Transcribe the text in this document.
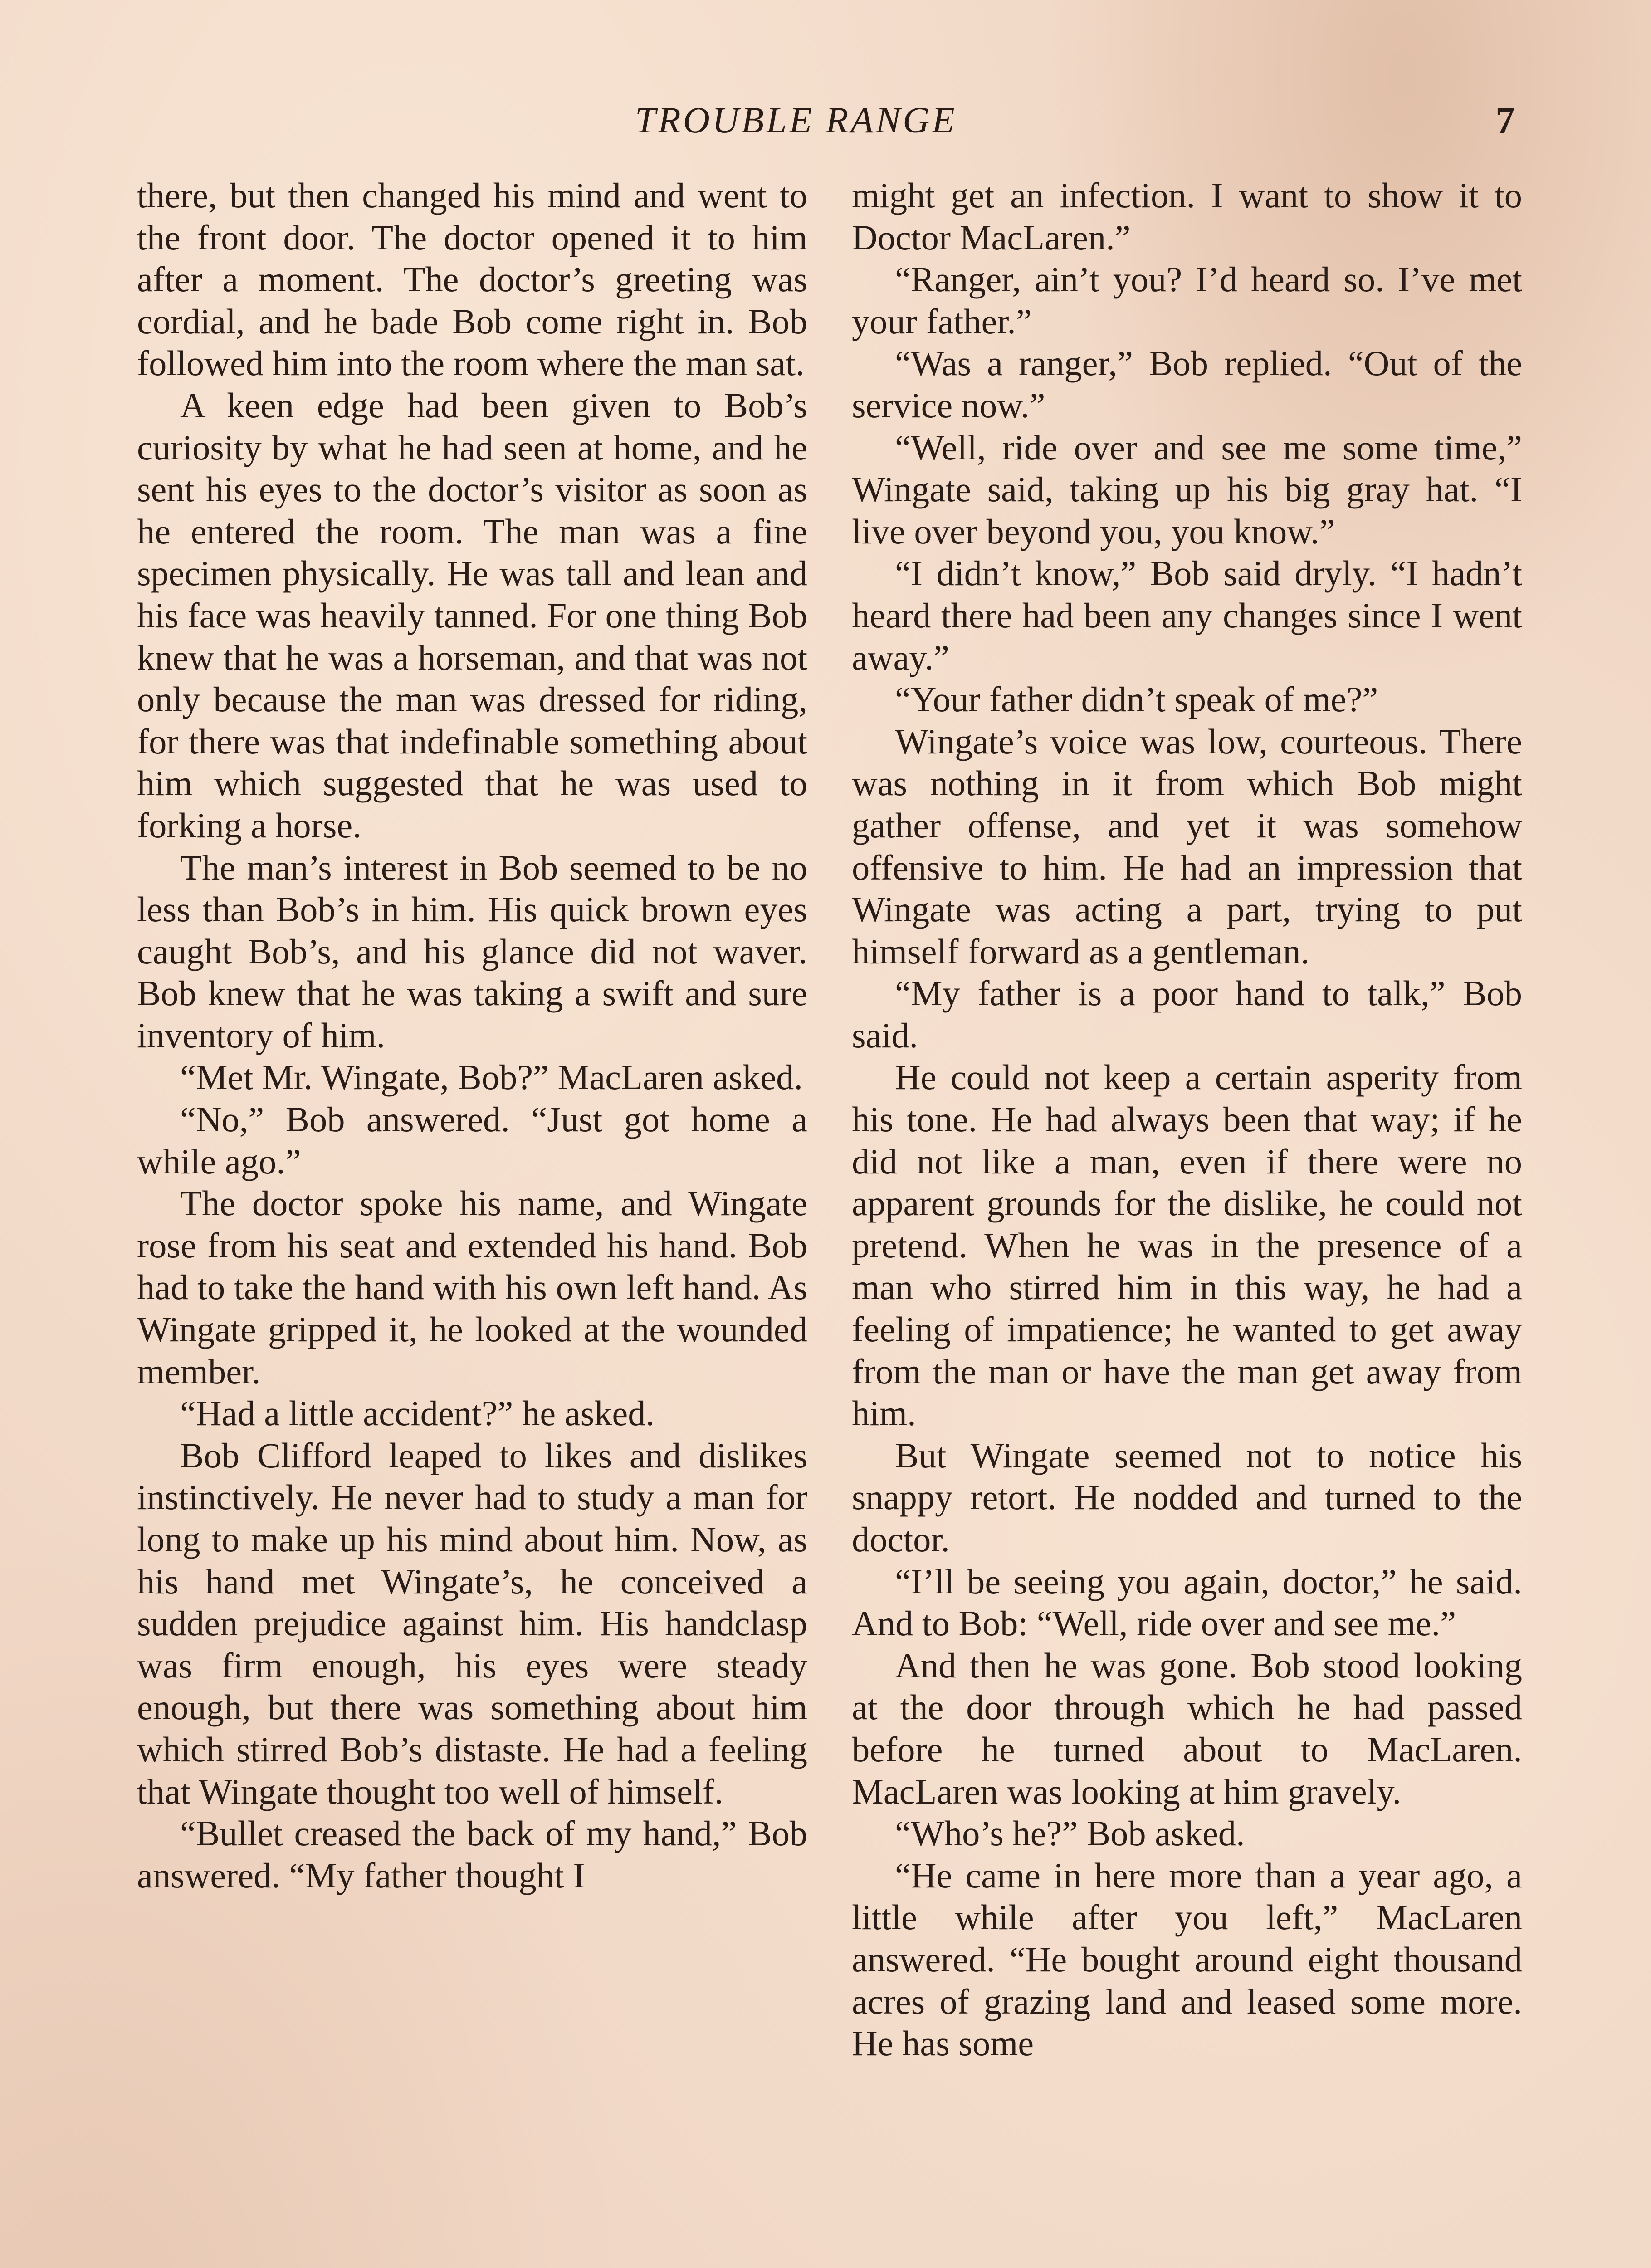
TROUBLE RANGE	7

there, but then changed his mind and went to the front door. The doctor opened it to him after a moment. The doctor’s greeting was cordial, and he bade Bob come right in. Bob followed him into the room where the man sat.

A keen edge had been given to Bob’s curiosity by what he had seen at home, and he sent his eyes to the doctor’s visitor as soon as he entered the room. The man was a fine specimen physically. He was tall and lean and his face was heavily tanned. For one thing Bob knew that he was a horseman, and that was not only because the man was dressed for riding, for there was that indefinable something about him which suggested that he was used to forking a horse.

The man’s interest in Bob seemed to be no less than Bob’s in him. His quick brown eyes caught Bob’s, and his glance did not waver. Bob knew that he was taking a swift and sure inventory of him.

“Met Mr. Wingate, Bob?” MacLaren asked.

“No,” Bob answered. “Just got home a while ago.”

The doctor spoke his name, and Wingate rose from his seat and extended his hand. Bob had to take the hand with his own left hand. As Wingate gripped it, he looked at the wounded member.

“Had a little accident?” he asked.

Bob Clifford leaped to likes and dislikes instinctively. He never had to study a man for long to make up his mind about him. Now, as his hand met Wingate’s, he conceived a sudden prejudice against him. His handclasp was firm enough, his eyes were steady enough, but there was something about him which stirred Bob’s distaste. He had a feeling that Wingate thought too well of himself.

“Bullet creased the back of my hand,” Bob answered. “My father thought I

might get an infection. I want to show it to Doctor MacLaren.”

“Ranger, ain’t you? I’d heard so. I’ve met your father.”

“Was a ranger,” Bob replied. “Out of the service now.”

“Well, ride over and see me some time,” Wingate said, taking up his big gray hat. “I live over beyond you, you know.”

“I didn’t know,” Bob said dryly. “I hadn’t heard there had been any changes since I went away.”

“Your father didn’t speak of me?”

Wingate’s voice was low, courteous. There was nothing in it from which Bob might gather offense, and yet it was somehow offensive to him. He had an impression that Wingate was acting a part, trying to put himself forward as a gentleman.

“My father is a poor hand to talk,” Bob said.

He could not keep a certain asperity from his tone. He had always been that way; if he did not like a man, even if there were no apparent grounds for the dislike, he could not pretend. When he was in the presence of a man who stirred him in this way, he had a feeling of impatience; he wanted to get away from the man or have the man get away from him.

But Wingate seemed not to notice his snappy retort. He nodded and turned to the doctor.

“I’ll be seeing you again, doctor,” he said. And to Bob: “Well, ride over and see me.”

And then he was gone. Bob stood looking at the door through which he had passed before he turned about to MacLaren. MacLaren was looking at him gravely.

“Who’s he?” Bob asked.

“He came in here more than a year ago, a little while after you left,” MacLaren answered. “He bought around eight thousand acres of grazing land and leased some more. He has some
